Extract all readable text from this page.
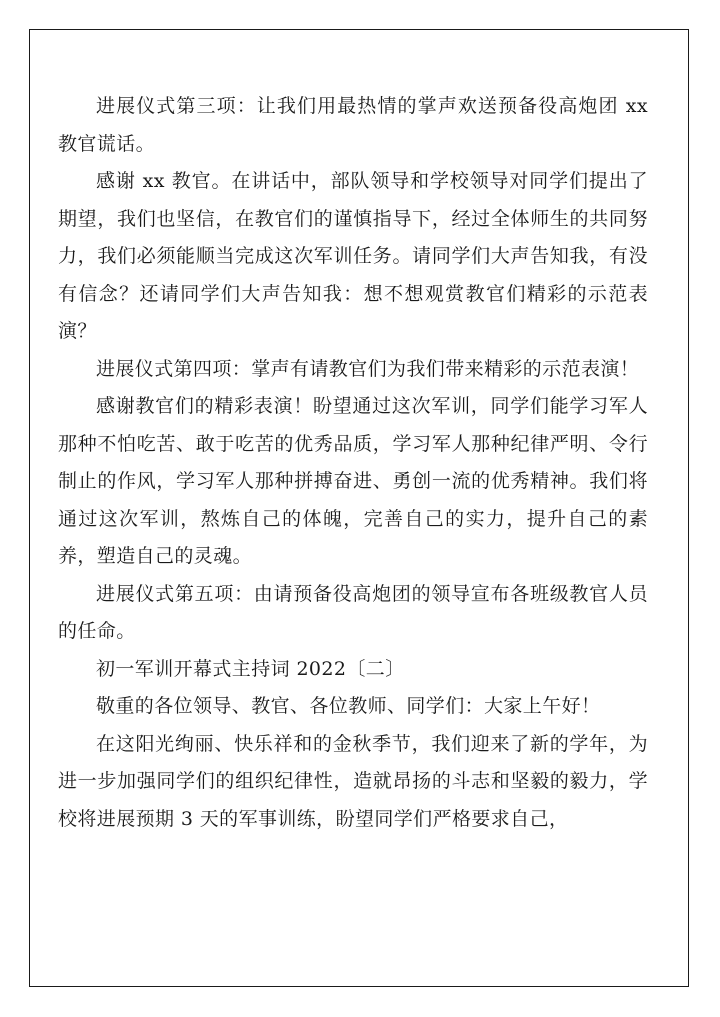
进展仪式第三项：让我们用最热情的掌声欢送预备役高炮团 xx 教官谎话。

感谢 xx 教官。在讲话中，部队领导和学校领导对同学们提出了期望，我们也坚信，在教官们的谨慎指导下，经过全体师生的共同努力，我们必须能顺当完成这次军训任务。请同学们大声告知我，有没有信念？还请同学们大声告知我：想不想观赏教官们精彩的示范表演？

进展仪式第四项：掌声有请教官们为我们带来精彩的示范表演！

感谢教官们的精彩表演！盼望通过这次军训，同学们能学习军人那种不怕吃苦、敢于吃苦的优秀品质，学习军人那种纪律严明、令行制止的作风，学习军人那种拼搏奋进、勇创一流的优秀精神。我们将通过这次军训，熬炼自己的体魄，完善自己的实力，提升自己的素养，塑造自己的灵魂。

进展仪式第五项：由请预备役高炮团的领导宣布各班级教官人员的任命。

初一军训开幕式主持词 2022〔二〕

敬重的各位领导、教官、各位教师、同学们：大家上午好！

在这阳光绚丽、快乐祥和的金秋季节，我们迎来了新的学年，为进一步加强同学们的组织纪律性，造就昂扬的斗志和坚毅的毅力，学校将进展预期 3 天的军事训练，盼望同学们严格要求自己，
